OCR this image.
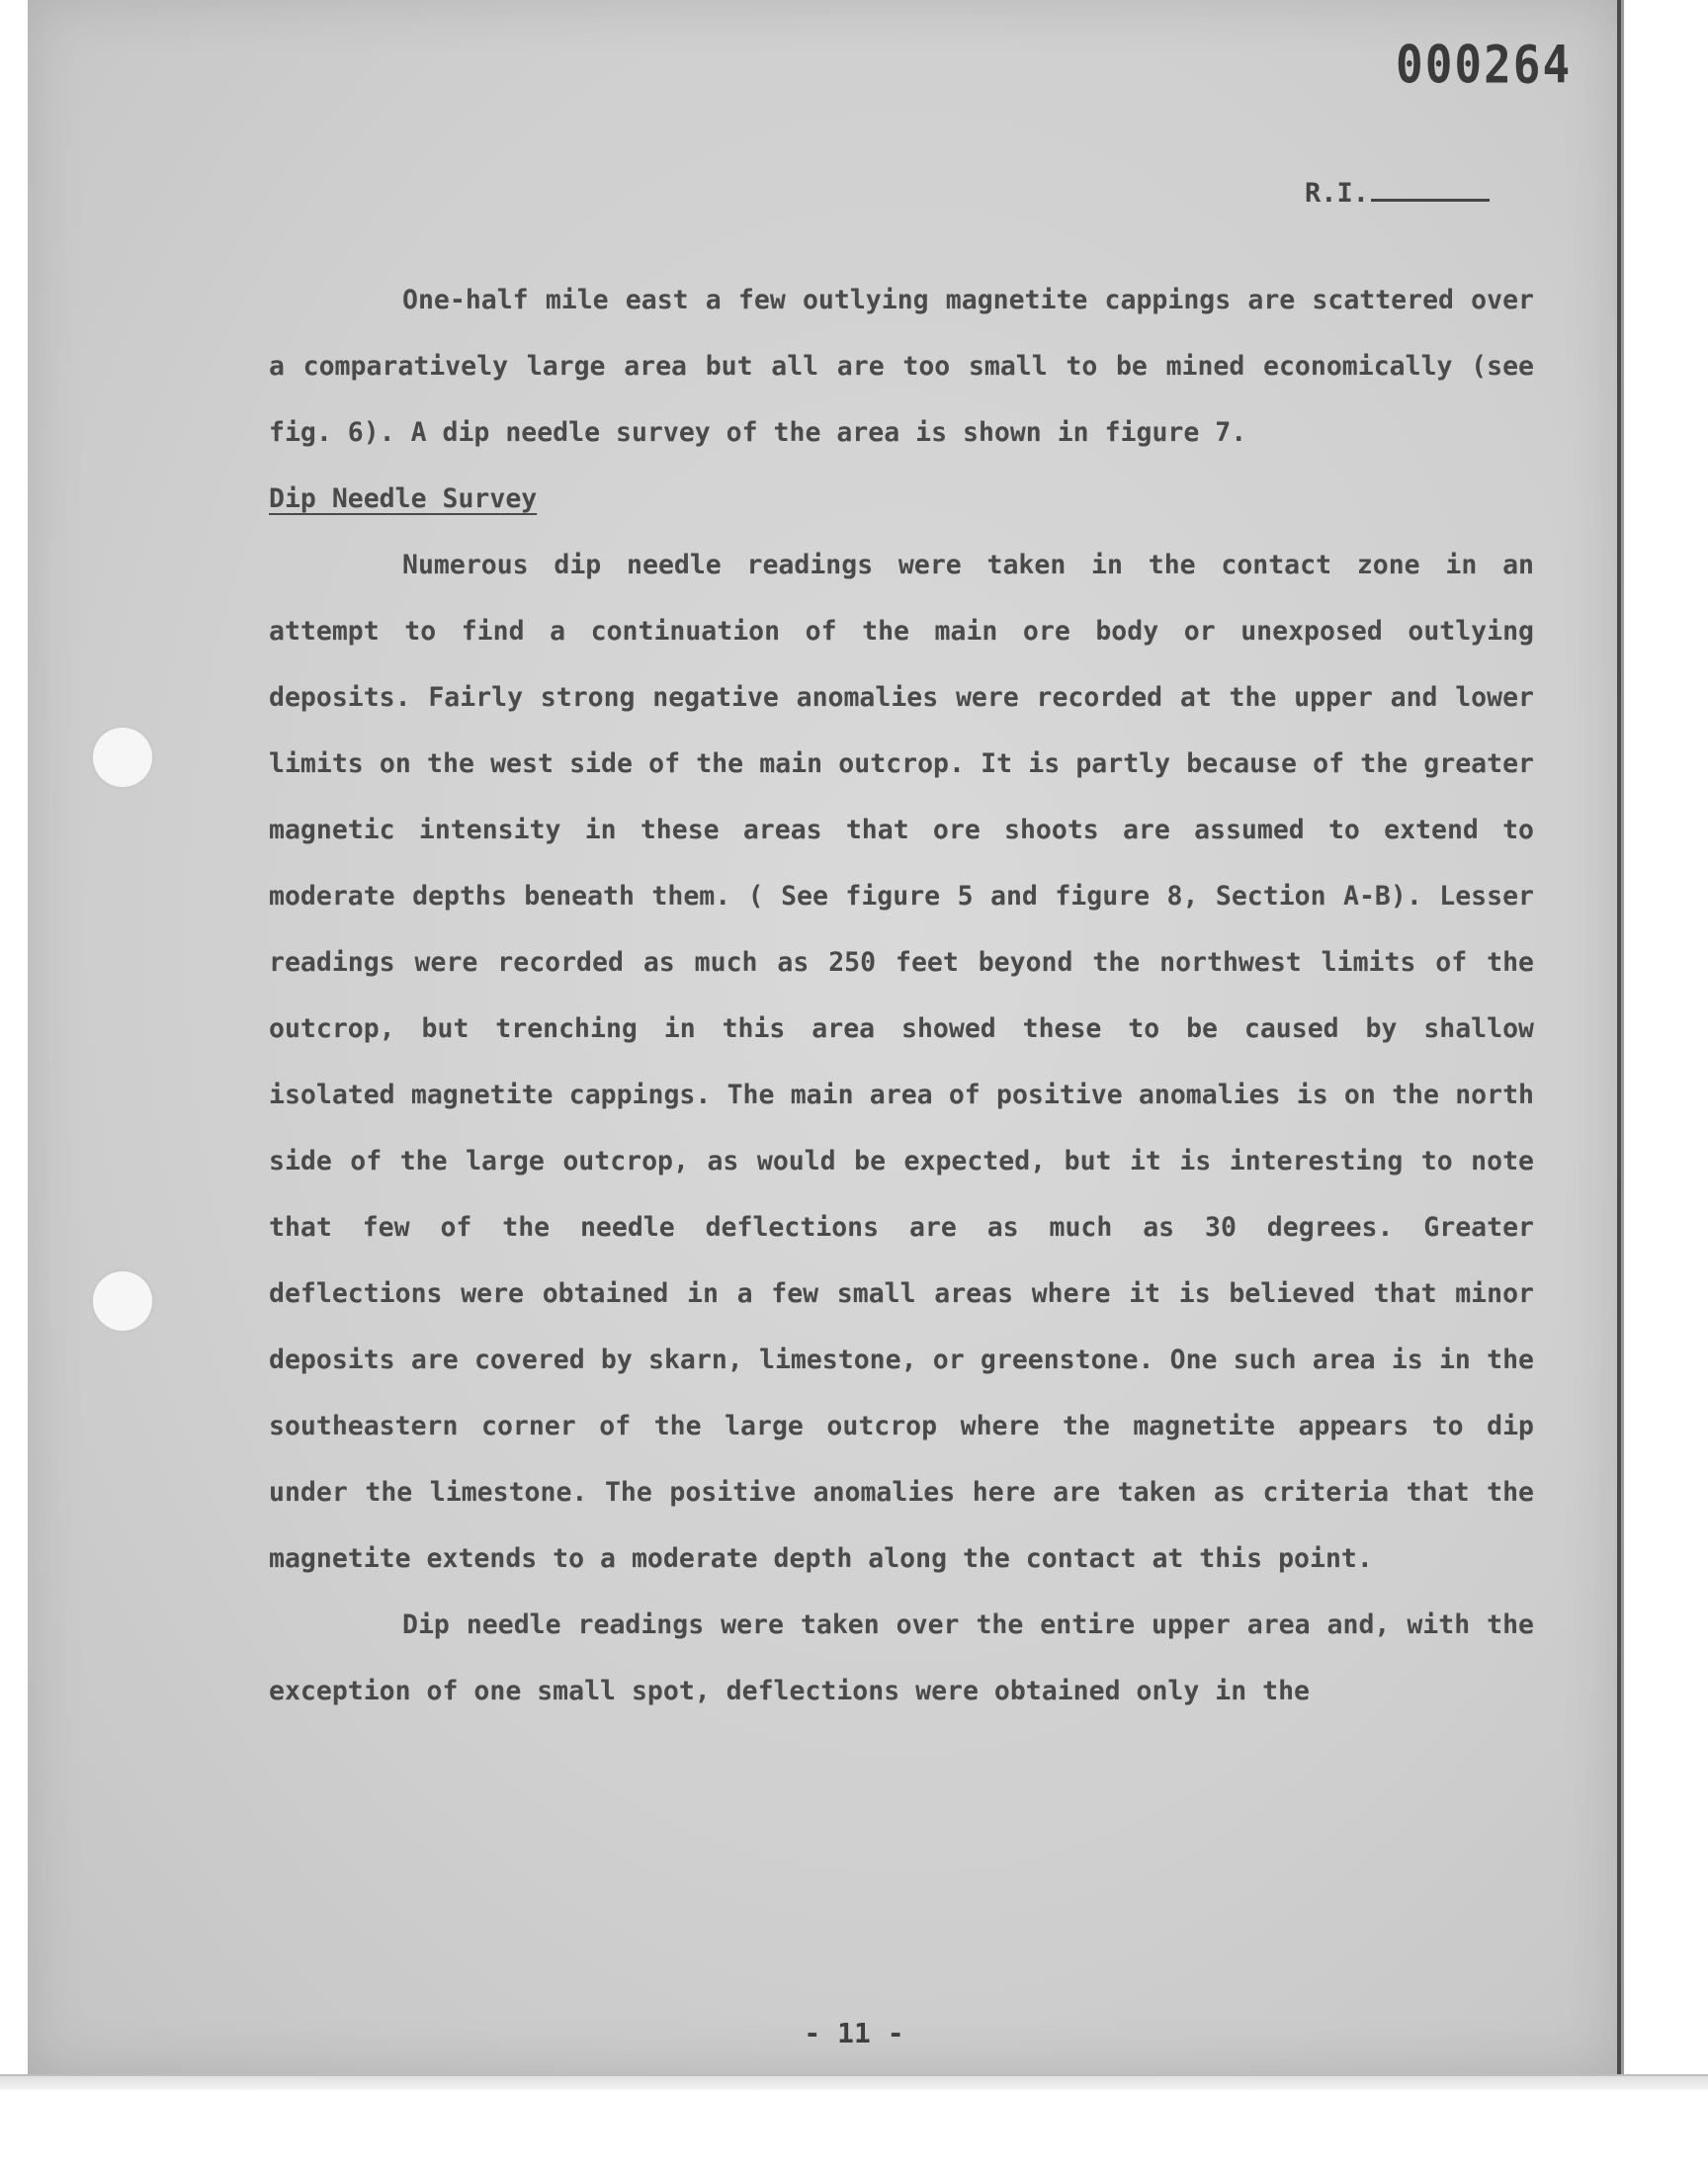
000264
R.I.

One-half mile east a few outlying magnetite cappings are scattered over a comparatively large area but all are too small to be mined economically (see fig. 6). A dip needle survey of the area is shown in figure 7.

Dip Needle Survey

Numerous dip needle readings were taken in the contact zone in an attempt to find a continuation of the main ore body or unexposed outlying deposits. Fairly strong negative anomalies were recorded at the upper and lower limits on the west side of the main outcrop. It is partly because of the greater magnetic intensity in these areas that ore shoots are assumed to extend to moderate depths beneath them. ( See figure 5 and figure 8, Section A-B). Lesser readings were recorded as much as 250 feet beyond the northwest limits of the outcrop, but trenching in this area showed these to be caused by shallow isolated magnetite cappings. The main area of positive anomalies is on the north side of the large outcrop, as would be expected, but it is interesting to note that few of the needle deflections are as much as 30 degrees. Greater deflections were obtained in a few small areas where it is believed that minor deposits are covered by skarn, limestone, or greenstone. One such area is in the southeastern corner of the large outcrop where the magnetite appears to dip under the limestone. The positive anomalies here are taken as criteria that the magnetite extends to a moderate depth along the contact at this point.

Dip needle readings were taken over the entire upper area and, with the exception of one small spot, deflections were obtained only in the

- 11 -
